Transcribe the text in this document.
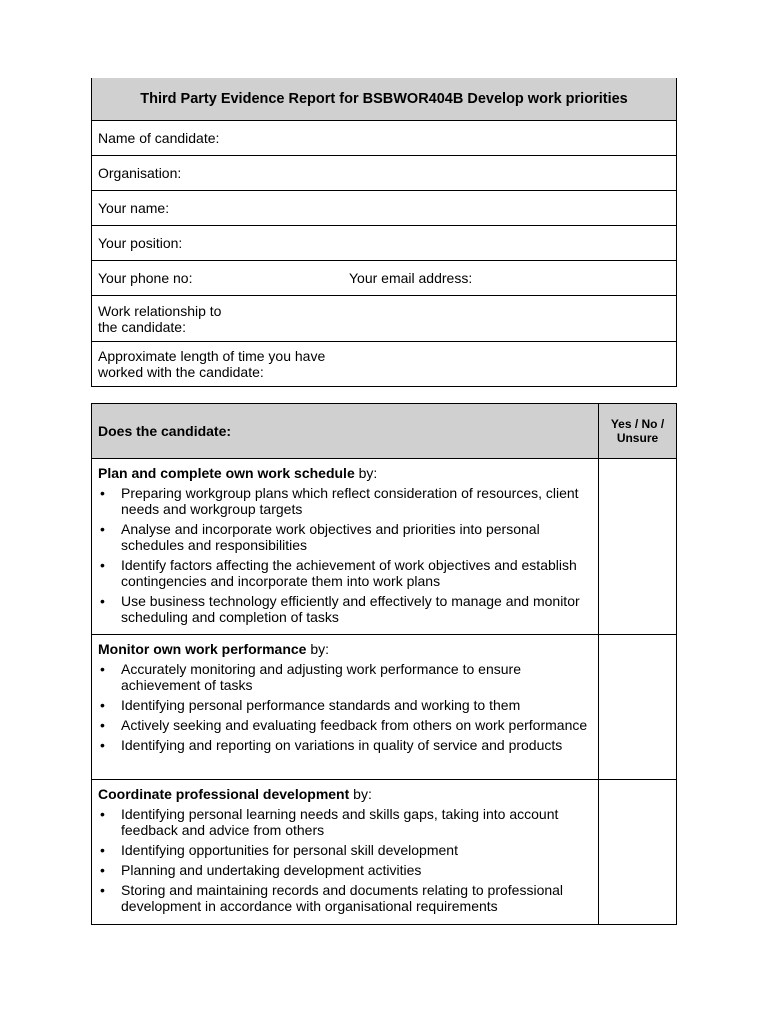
Third Party Evidence Report for BSBWOR404B Develop work priorities
Name of candidate:
Organisation:
Your name:
Your position:
Your phone no:	Your email address:
Work relationship to
the candidate:
Approximate length of time you have
worked with the candidate:
Does the candidate:	Yes / No /
Unsure
Plan and complete own work schedule by:
• Preparing workgroup plans which reflect consideration of resources, client needs and workgroup targets
• Analyse and incorporate work objectives and priorities into personal schedules and responsibilities
• Identify factors affecting the achievement of work objectives and establish contingencies and incorporate them into work plans
• Use business technology efficiently and effectively to manage and monitor scheduling and completion of tasks
Monitor own work performance by:
• Accurately monitoring and adjusting work performance to ensure achievement of tasks
• Identifying personal performance standards and working to them
• Actively seeking and evaluating feedback from others on work performance
• Identifying and reporting on variations in quality of service and products
Coordinate professional development by:
• Identifying personal learning needs and skills gaps, taking into account feedback and advice from others
• Identifying opportunities for personal skill development
• Planning and undertaking development activities
• Storing and maintaining records and documents relating to professional development in accordance with organisational requirements
